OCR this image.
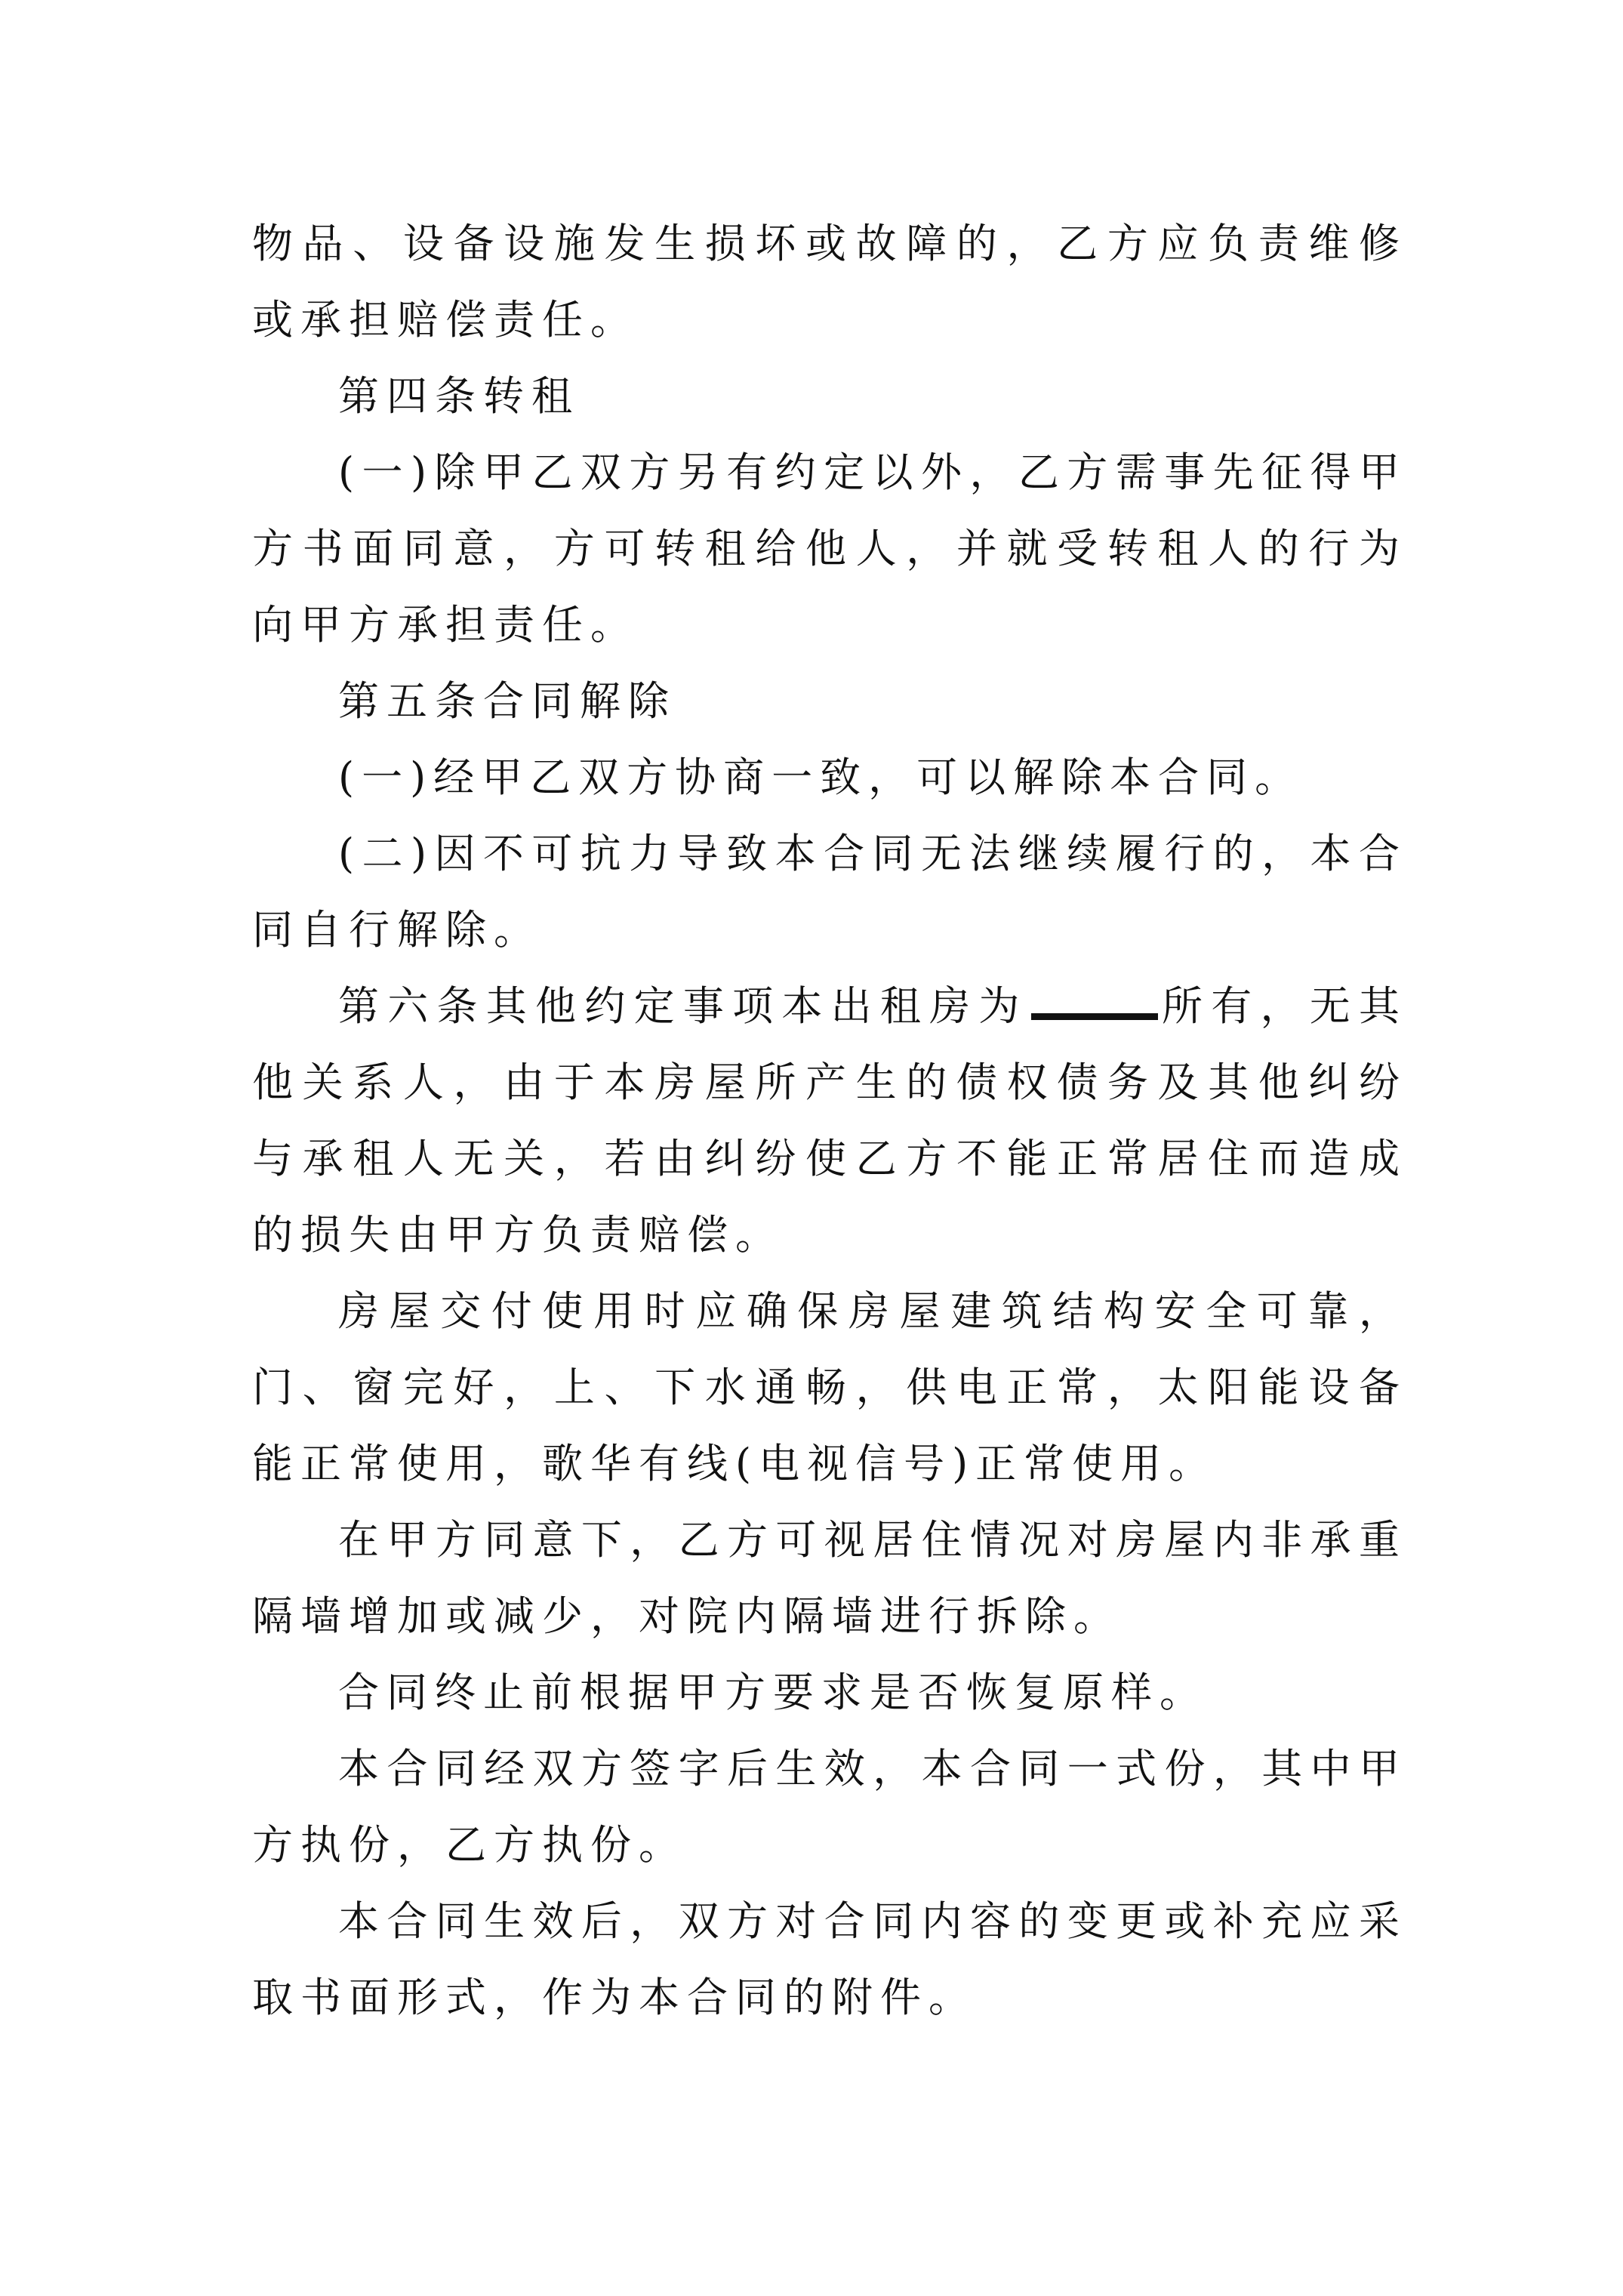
物品、设备设施发生损坏或故障的，乙方应负责维修或承担赔偿责任。

第四条转租

(一)除甲乙双方另有约定以外，乙方需事先征得甲方书面同意，方可转租给他人，并就受转租人的行为向甲方承担责任。

第五条合同解除

(一)经甲乙双方协商一致，可以解除本合同。

(二)因不可抗力导致本合同无法继续履行的，本合同自行解除。

第六条其他约定事项本出租房为	所有，无其他关系人，由于本房屋所产生的债权债务及其他纠纷与承租人无关，若由纠纷使乙方不能正常居住而造成的损失由甲方负责赔偿。

房屋交付使用时应确保房屋建筑结构安全可靠，门、窗完好，上、下水通畅，供电正常，太阳能设备能正常使用，歌华有线(电视信号)正常使用。

在甲方同意下，乙方可视居住情况对房屋内非承重隔墙增加或减少，对院内隔墙进行拆除。

合同终止前根据甲方要求是否恢复原样。

本合同经双方签字后生效，本合同一式份，其中甲方执份，乙方执份。

本合同生效后，双方对合同内容的变更或补充应采取书面形式，作为本合同的附件。
